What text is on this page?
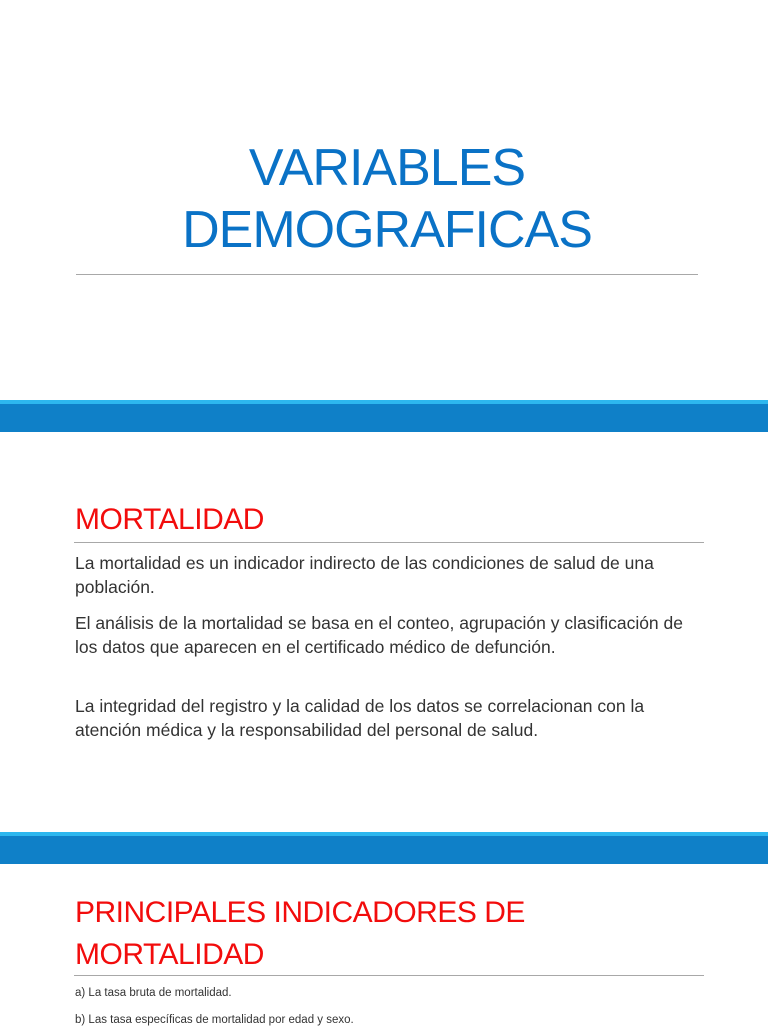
VARIABLES
DEMOGRAFICAS
MORTALIDAD
La mortalidad es un indicador indirecto de las condiciones de salud de una población.
El análisis de la mortalidad se basa en el conteo, agrupación y clasificación de los datos que aparecen en el certificado médico de defunción.
La integridad del registro y la calidad de los datos se correlacionan con la atención médica y la responsabilidad del personal de salud.
PRINCIPALES INDICADORES DE
MORTALIDAD
a) La tasa bruta de mortalidad.
b) Las tasa específicas de mortalidad por edad y sexo.
